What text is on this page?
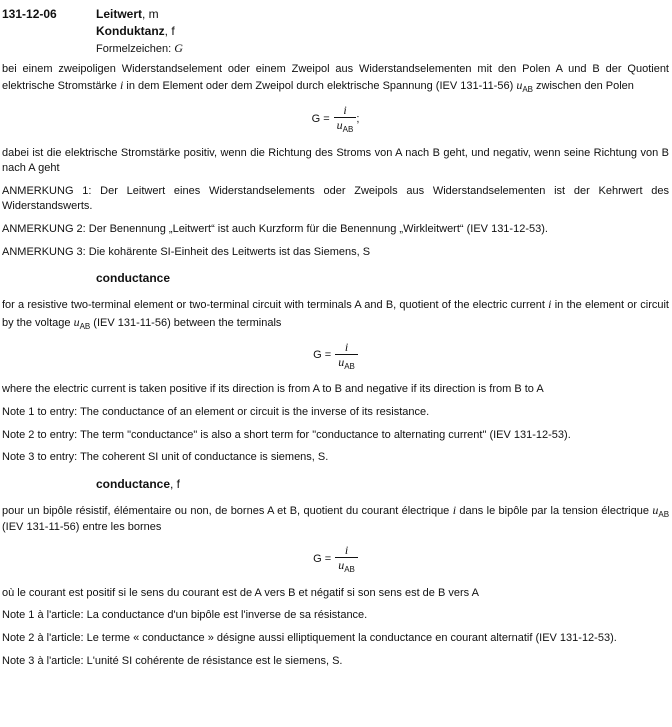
131-12-06	Leitwert, m
Konduktanz, f
Formelzeichen: G

bei einem zweipoligen Widerstandselement oder einem Zweipol aus Widerstandselementen mit den Polen A und B der Quotient elektrische Stromstärke i in dem Element oder dem Zweipol durch elektrische Spannung (IEV 131-11-56) $u_{AB}$ zwischen den Polen

$G = \frac{i}{u_{AB}}$ ;

dabei ist die elektrische Stromstärke positiv, wenn die Richtung des Stroms von A nach B geht, und negativ, wenn seine Richtung von B nach A geht

ANMERKUNG 1: Der Leitwert eines Widerstandselements oder Zweipols aus Widerstandselementen ist der Kehrwert des Widerstandswerts.

ANMERKUNG 2: Der Benennung „Leitwert“ ist auch Kurzform für die Benennung „Wirkleitwert“ (IEV 131-12-53).

ANMERKUNG 3: Die kohärente SI-Einheit des Leitwerts ist das Siemens, S

conductance

for a resistive two-terminal element or two-terminal circuit with terminals A and B, quotient of the electric current i in the element or circuit by the voltage $u_{AB}$ (IEV 131-11-56) between the terminals

$G = \frac{i}{u_{AB}}$

where the electric current is taken positive if its direction is from A to B and negative if its direction is from B to A

Note 1 to entry: The conductance of an element or circuit is the inverse of its resistance.

Note 2 to entry: The term "conductance" is also a short term for "conductance to alternating current" (IEV 131-12-53).

Note 3 to entry: The coherent SI unit of conductance is siemens, S.

conductance, f

pour un bipôle résistif, élémentaire ou non, de bornes A et B, quotient du courant électrique i dans le bipôle par la tension électrique $u_{AB}$ (IEV 131-11-56) entre les bornes

$G = \frac{i}{u_{AB}}$

où le courant est positif si le sens du courant est de A vers B et négatif si son sens est de B vers A

Note 1 à l'article: La conductance d'un bipôle est l'inverse de sa résistance.

Note 2 à l'article: Le terme « conductance » désigne aussi elliptiquement la conductance en courant alternatif (IEV 131-12-53).

Note 3 à l'article: L'unité SI cohérente de résistance est le siemens, S.
